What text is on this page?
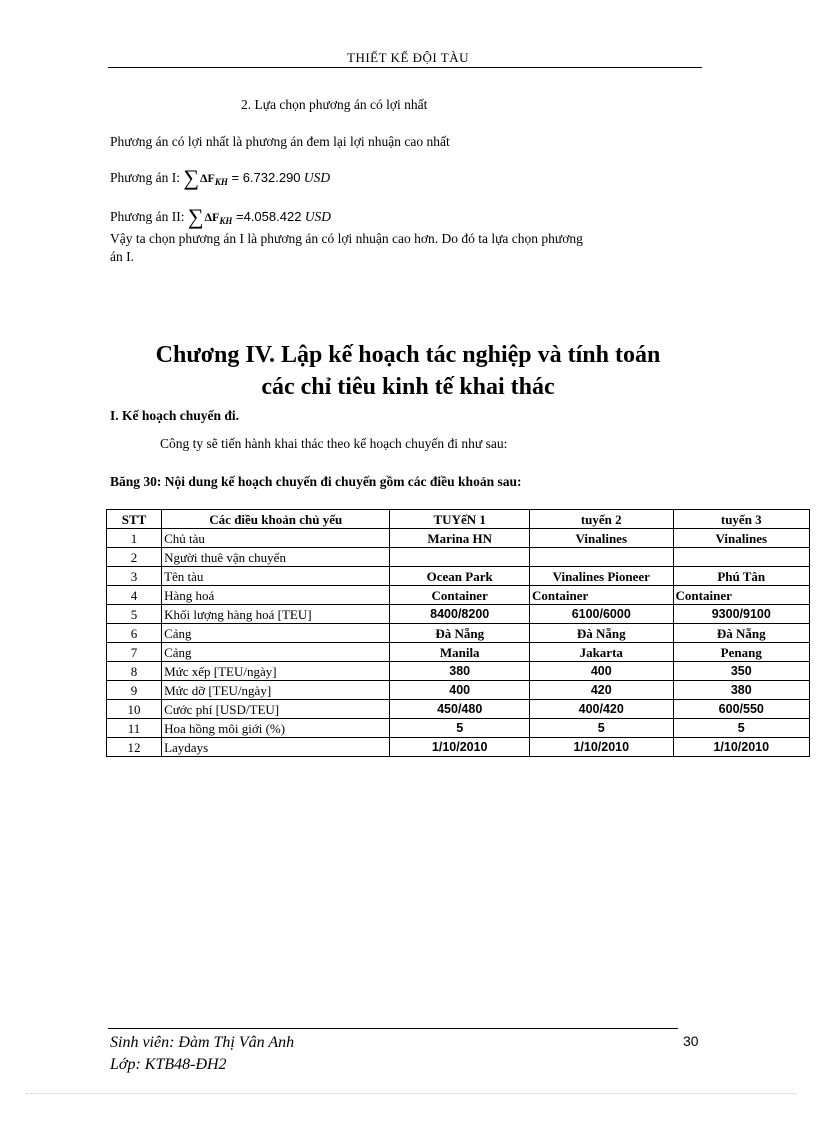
THIẾT KẾ ĐỘI TÀU
2. Lựa chọn phương án có lợi nhất
Phương án có lợi nhất là phương án đem lại lợi nhuận cao nhất
Phương án I: $\sum\Delta F_{KH} = 6.732.290$ USD
Phương án II: $\sum\Delta F_{KH} =4.058.422$ USD
Vậy ta chọn phương án I là phương án có lợi nhuận cao hơn. Do đó ta lựa chọn phương
án I.
Chương IV. Lập kế hoạch tác nghiệp và tính toán
các chỉ tiêu kinh tế khai thác
I. Kế hoạch chuyến đi.
Công ty sẽ tiến hành khai thác theo kế hoạch chuyến đi như sau:
Băng 30: Nội dung kế hoạch chuyến đi chuyến gồm các điều khoản sau:
STT	Các điều khoản chủ yếu	TUYếN 1	tuyến 2	tuyến 3
1	Chủ tàu	Marina HN	Vinalines	Vinalines
2	Người thuê vận chuyển			
3	Tên tàu	Ocean Park	Vinalines Pioneer	Phú Tân
4	Hàng hoá	Container	Container	Container
5	Khối lượng hàng hoá [TEU]	8400/8200	6100/6000	9300/9100
6	Cảng	Đà Nẵng	Đà Nẵng	Đà Nẵng
7	Cảng	Manila	Jakarta	Penang
8	Mức xếp [TEU/ngày]	380	400	350
9	Mức dỡ [TEU/ngày]	400	420	380
10	Cước phí [USD/TEU]	450/480	400/420	600/550
11	Hoa hồng môi giới (%)	5	5	5
12	Laydays	1/10/2010	1/10/2010	1/10/2010
Sinh viên: Đàm Thị Vân Anh
Lớp: KTB48-ĐH2
30
